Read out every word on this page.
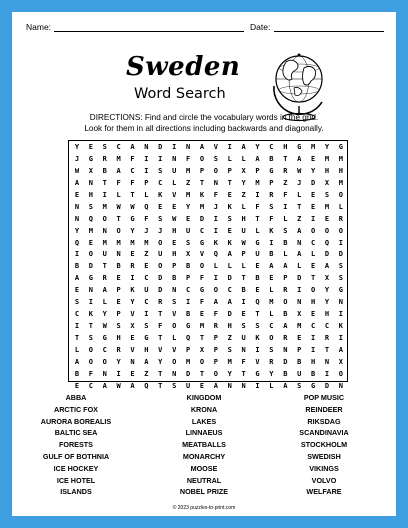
Name:	Date:
Sweden
Word Search
DIRECTIONS: Find and circle the vocabulary words in the grid.
Look for them in all directions including backwards and diagonally.
Y	E	S	C	A	N	D	I	N	A	V	I	A	Y	C	H	G	M	Y	G
J	G	R	M	F	I	I	N	F	O	S	L	L	A	B	T	A	E	M	M
W	X	B	A	C	I	S	U	M	P	O	P	X	P	G	R	W	Y	H	H
A	N	T	F	F	P	C	L	Z	T	N	T	Y	M	P	Z	J	D	X	M
E	H	I	L	T	L	K	V	M	K	F	E	Z	I	R	F	L	E	S	O
N	S	M	W	W	Q	E	E	Y	M	J	K	L	F	S	I	T	E	M	L
N	Q	O	T	G	F	S	W	E	D	I	S	H	T	F	L	Z	I	E	R
Y	M	N	O	Y	J	J	H	U	C	I	E	U	L	K	S	A	O	O	O
Q	E	M	M	M	M	O	E	S	G	K	K	W	G	I	B	N	C	Q	I
I	O	U	N	E	Z	U	H	X	V	Q	A	P	U	B	L	A	L	D	D
B	D	T	B	R	E	O	P	B	O	L	L	L	E	A	A	L	E	A	S
A	G	R	E	I	C	D	B	P	F	I	D	T	B	E	P	D	T	X	S
E	N	A	P	K	U	D	N	C	G	O	C	B	E	L	R	I	O	Y	G
S	I	L	E	Y	C	R	S	I	F	A	A	I	Q	M	O	N	H	Y	N
C	K	Y	P	V	I	T	V	B	E	F	D	E	T	L	B	X	E	H	I
I	T	W	S	X	S	F	O	G	M	R	H	S	S	C	A	M	C	C	K
T	S	G	H	E	G	T	L	Q	T	P	Z	U	K	O	R	E	I	R	I
L	O	C	R	V	H	V	V	P	X	P	S	N	I	S	N	P	I	T	A
A	O	O	Y	N	A	Y	O	M	O	P	M	F	V	R	D	B	H	N	X
B	F	N	I	E	Z	T	N	D	T	O	Y	T	G	Y	B	U	B	I	O
E	C	A	W	A	Q	T	S	U	E	A	N	N	I	L	A	S	G	D	N
ABBA
ARCTIC FOX
AURORA BOREALIS
BALTIC SEA
FORESTS
GULF OF BOTHNIA
ICE HOCKEY
ICE HOTEL
ISLANDS
KINGDOM
KRONA
LAKES
LINNAEUS
MEATBALLS
MONARCHY
MOOSE
NEUTRAL
NOBEL PRIZE
POP MUSIC
REINDEER
RIKSDAG
SCANDINAVIA
STOCKHOLM
SWEDISH
VIKINGS
VOLVO
WELFARE
© 2023 puzzles-to-print.com
